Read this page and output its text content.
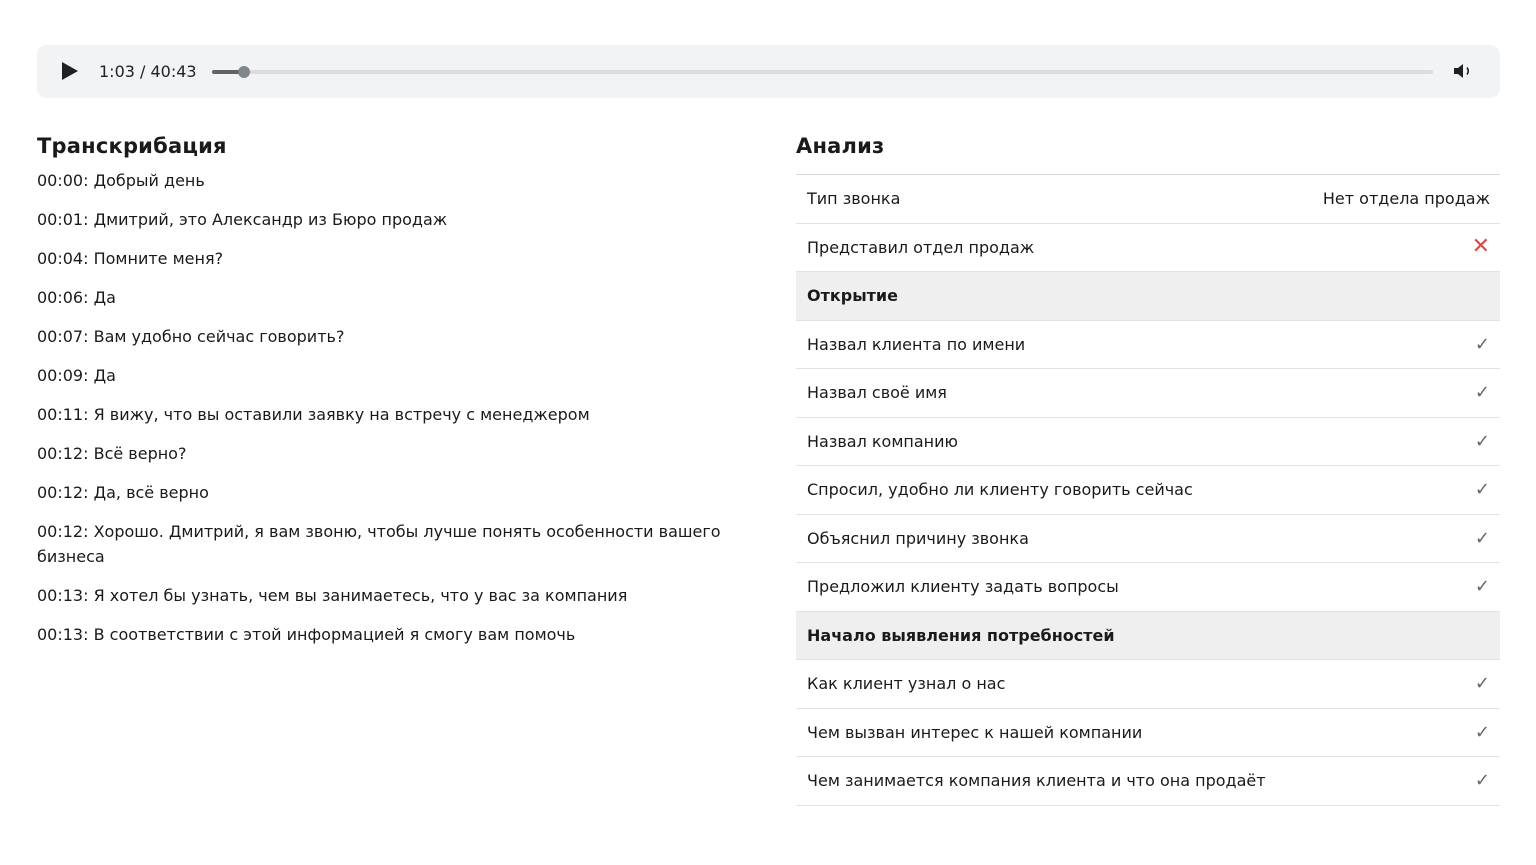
1:03 / 40:43
Транскрибация
00:00: Добрый день
00:01: Дмитрий, это Александр из Бюро продаж
00:04: Помните меня?
00:06: Да
00:07: Вам удобно сейчас говорить?
00:09: Да
00:11: Я вижу, что вы оставили заявку на встречу с менеджером
00:12: Всё верно?
00:12: Да, всё верно
00:12: Хорошо. Дмитрий, я вам звоню, чтобы лучше понять особенности вашего бизнеса
00:13: Я хотел бы узнать, чем вы занимаетесь, что у вас за компания
00:13: В соответствии с этой информацией я смогу вам помочь
Анализ
Тип звонка	Нет отдела продаж
Представил отдел продаж	✕
Открытие
Назвал клиента по имени	✓
Назвал своё имя	✓
Назвал компанию	✓
Спросил, удобно ли клиенту говорить сейчас	✓
Объяснил причину звонка	✓
Предложил клиенту задать вопросы	✓
Начало выявления потребностей
Как клиент узнал о нас	✓
Чем вызван интерес к нашей компании	✓
Чем занимается компания клиента и что она продаёт	✓
